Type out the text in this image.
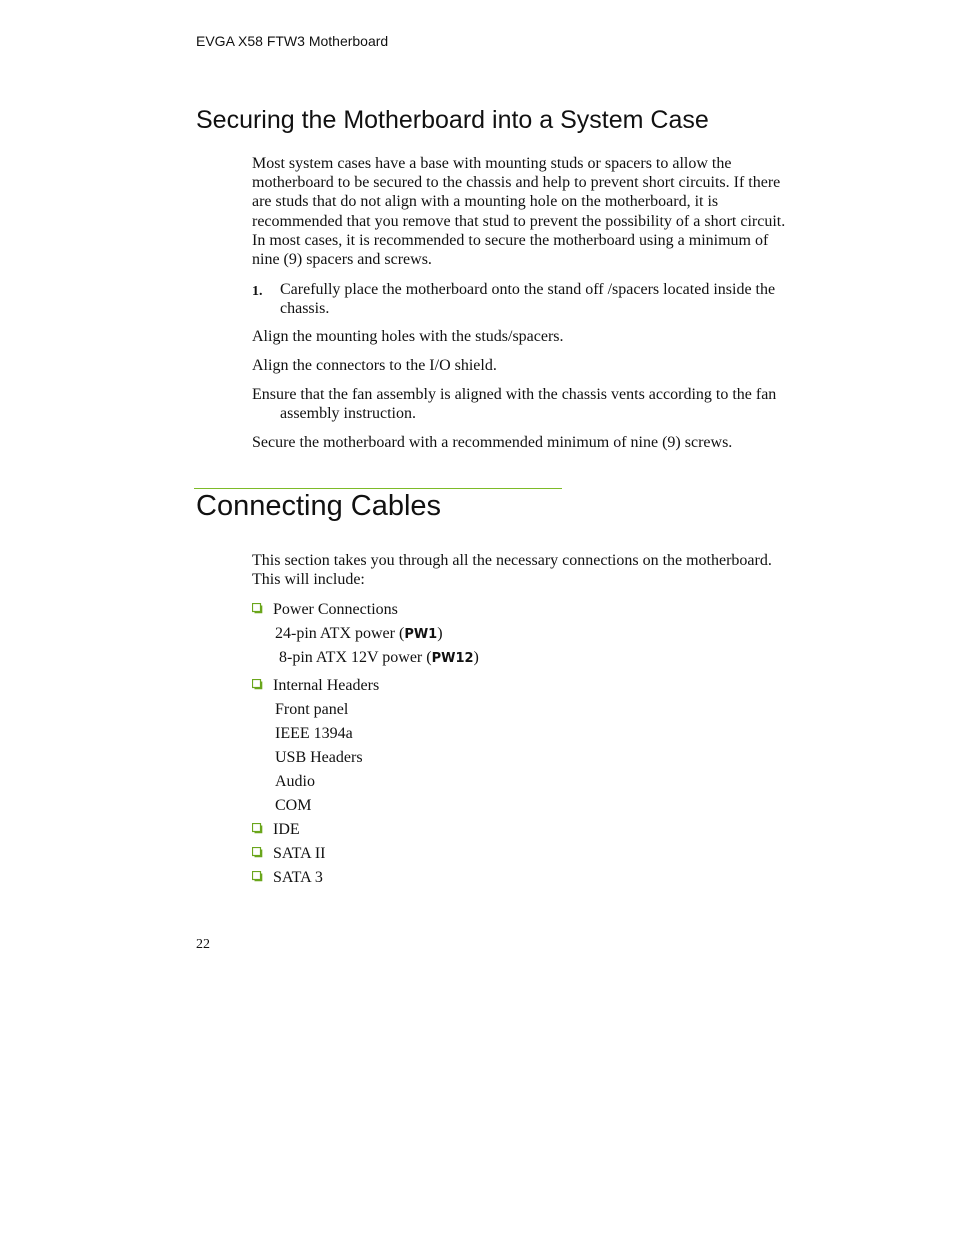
EVGA X58 FTW3 Motherboard
Securing the Motherboard into a System Case
Most system cases have a base with mounting studs or spacers to allow the motherboard to be secured to the chassis and help to prevent short circuits. If there are studs that do not align with a mounting hole on the motherboard, it is recommended that you remove that stud to prevent the possibility of a short circuit. In most cases, it is recommended to secure the motherboard using a minimum of nine (9) spacers and screws.
1. Carefully place the motherboard onto the stand off /spacers located inside the chassis.
Align the mounting holes with the studs/spacers.
Align the connectors to the I/O shield.
Ensure that the fan assembly is aligned with the chassis vents according to the fan assembly instruction.
Secure the motherboard with a recommended minimum of nine (9) screws.
Connecting Cables
This section takes you through all the necessary connections on the motherboard. This will include:
Power Connections
24-pin ATX power (PW1)
8-pin ATX 12V power (PW12)
Internal Headers
Front panel
IEEE 1394a
USB Headers
Audio
COM
IDE
SATA II
SATA 3
22
